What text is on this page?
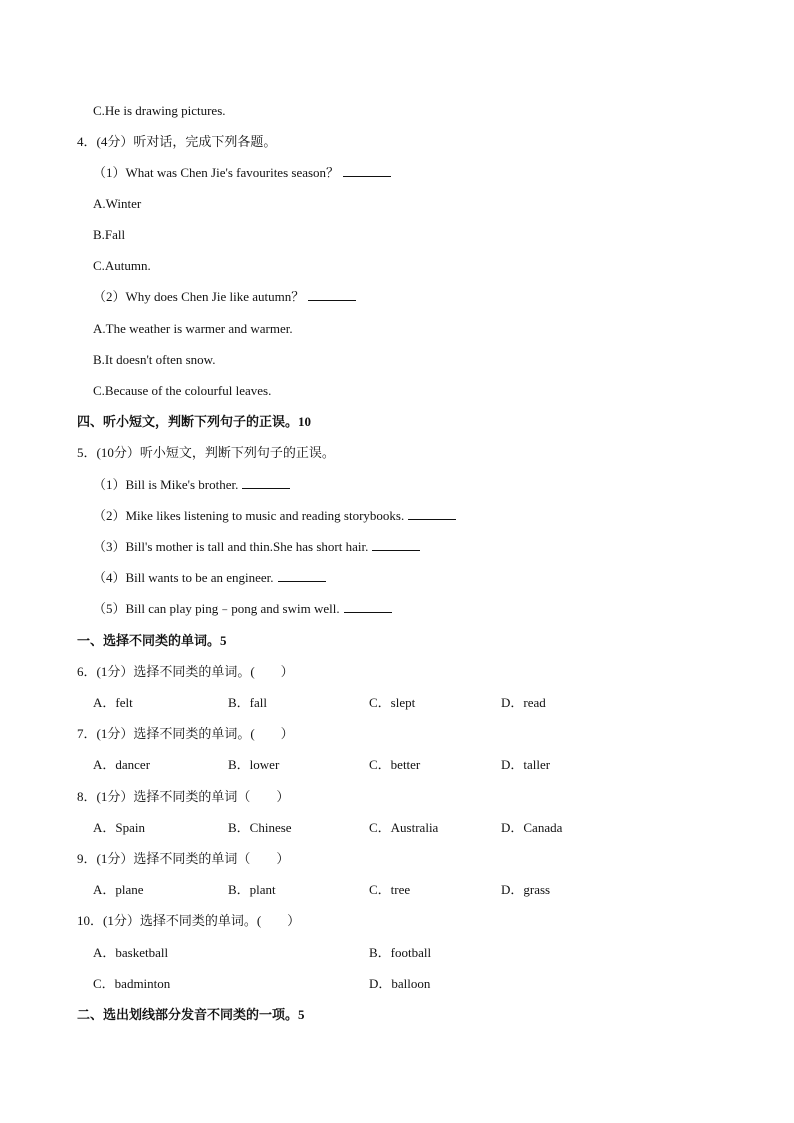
C.He is drawing pictures.
4．(4分）听对话，完成下列各题。
（1）What was Chen Jie's favourites season？
A.Winter
B.Fall
C.Autumn.
（2）Why does Chen Jie like autumn？
A.The weather is warmer and warmer.
B.It doesn't often snow.
C.Because of the colourful leaves.
四、听小短文，判断下列句子的正误。10
5．(10分）听小短文，判断下列句子的正误。
（1）Bill is Mike's brother.
（2）Mike likes listening to music and reading storybooks.
（3）Bill's mother is tall and thin.She has short hair.
（4）Bill wants to be an engineer.
（5）Bill can play ping﹣pong and swim well.
一、选择不同类的单词。5
6．(1分）选择不同类的单词。(　　）
A．felt	B．fall	C．slept	D．read
7．(1分）选择不同类的单词。(　　）
A．dancer	B．lower	C．better	D．taller
8．(1分）选择不同类的单词（　　）
A．Spain	B．Chinese	C．Australia	D．Canada
9．(1分）选择不同类的单词（　　）
A．plane	B．plant	C．tree	D．grass
10．(1分）选择不同类的单词。(　　）
A．basketball	B．football
C．badminton	D．balloon
二、选出划线部分发音不同类的一项。5
